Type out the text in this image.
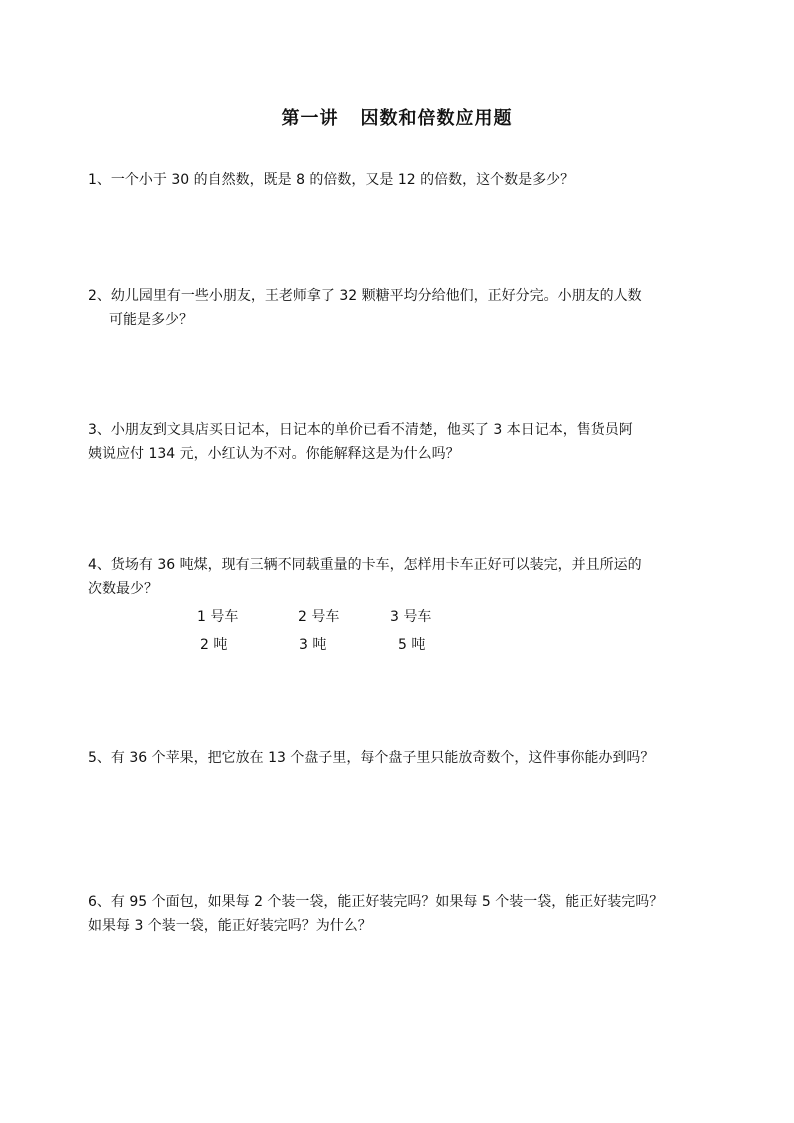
第一讲 因数和倍数应用题
1、一个小于 30 的自然数，既是 8 的倍数，又是 12 的倍数，这个数是多少？
2、幼儿园里有一些小朋友，王老师拿了 32 颗糖平均分给他们，正好分完。小朋友的人数
可能是多少？
3、小朋友到文具店买日记本，日记本的单价已看不清楚，他买了 3 本日记本，售货员阿
姨说应付 134 元，小红认为不对。你能解释这是为什么吗？
4、货场有 36 吨煤，现有三辆不同载重量的卡车，怎样用卡车正好可以装完，并且所运的
次数最少？
1 号车	2 号车	3 号车
2 吨	3 吨	5 吨
5、有 36 个苹果，把它放在 13 个盘子里，每个盘子里只能放奇数个，这件事你能办到吗？
6、有 95 个面包，如果每 2 个装一袋，能正好装完吗？如果每 5 个装一袋，能正好装完吗？
如果每 3 个装一袋，能正好装完吗？为什么？
